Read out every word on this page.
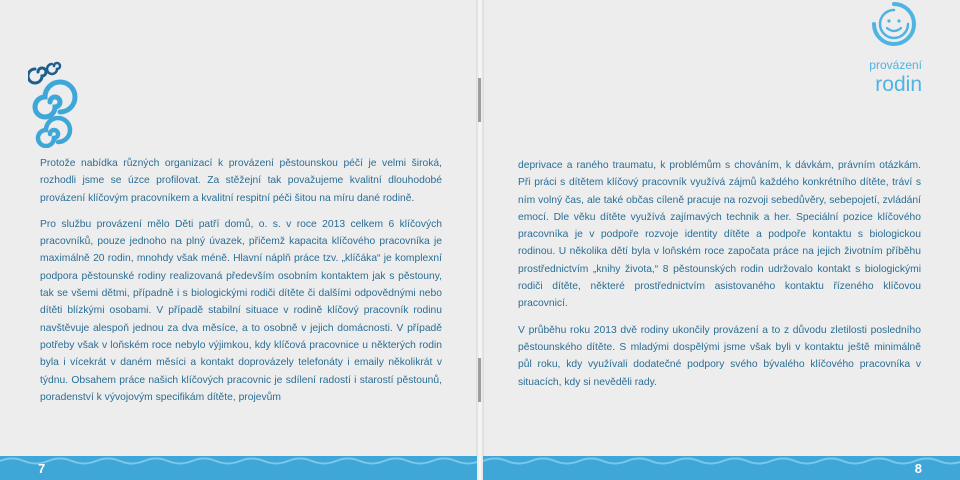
provázení
rodin

Protože nabídka různých organizací k provázení pěstounskou péčí je velmi široká, rozhodli jsme se úzce profilovat. Za stěžejní tak považujeme kvalitní dlouhodobé provázení klíčovým pracovníkem a kvalitní respitní péči šitou na míru dané rodině.

Pro službu provázení mělo Děti patří domů, o. s. v roce 2013 celkem 6 klíčových pracovníků, pouze jednoho na plný úvazek, přičemž kapacita klíčového pracovníka je maximálně 20 rodin, mnohdy však méně. Hlavní náplň práce tzv. „klíčáka“ je komplexní podpora pěstounské rodiny realizovaná především osobním kontaktem jak s pěstouny, tak se všemi dětmi, případně i s biologickými rodiči dítěte či dalšími odpovědnými nebo dítěti blízkými osobami. V případě stabilní situace v rodině klíčový pracovník rodinu navštěvuje alespoň jednou za dva měsíce, a to osobně v jejich domácnosti. V případě potřeby však v loňském roce nebylo výjimkou, kdy klíčová pracovnice u některých rodin byla i vícekrát v daném měsíci a kontakt doprovázely telefonáty i emaily několikrát v týdnu. Obsahem práce našich klíčových pracovnic je sdílení radostí i starostí pěstounů, poradenství k vývojovým specifikám dítěte, projevům

deprivace a raného traumatu, k problémům s chováním, k dávkám, právním otázkám. Při práci s dítětem klíčový pracovník využívá zájmů každého konkrétního dítěte, tráví s ním volný čas, ale také občas cíleně pracuje na rozvoji sebedůvěry, sebepojetí, zvládání emocí. Dle věku dítěte využívá zajímavých technik a her. Speciální pozice klíčového pracovníka je v podpoře rozvoje identity dítěte a podpoře kontaktu s biologickou rodinou. U několika dětí byla v loňském roce započata práce na jejich životním příběhu prostřednictvím „knihy života,“ 8 pěstounských rodin udržovalo kontakt s biologickými rodiči dítěte, některé prostřednictvím asistovaného kontaktu řízeného klíčovou pracovnicí.

V průběhu roku 2013 dvě rodiny ukončily provázení a to z důvodu zletilosti posledního pěstounského dítěte. S mladými dospělými jsme však byli v kontaktu ještě minimálně půl roku, kdy využívali dodatečné podpory svého bývalého klíčového pracovníka v situacích, kdy si nevěděli rady.

7	8
